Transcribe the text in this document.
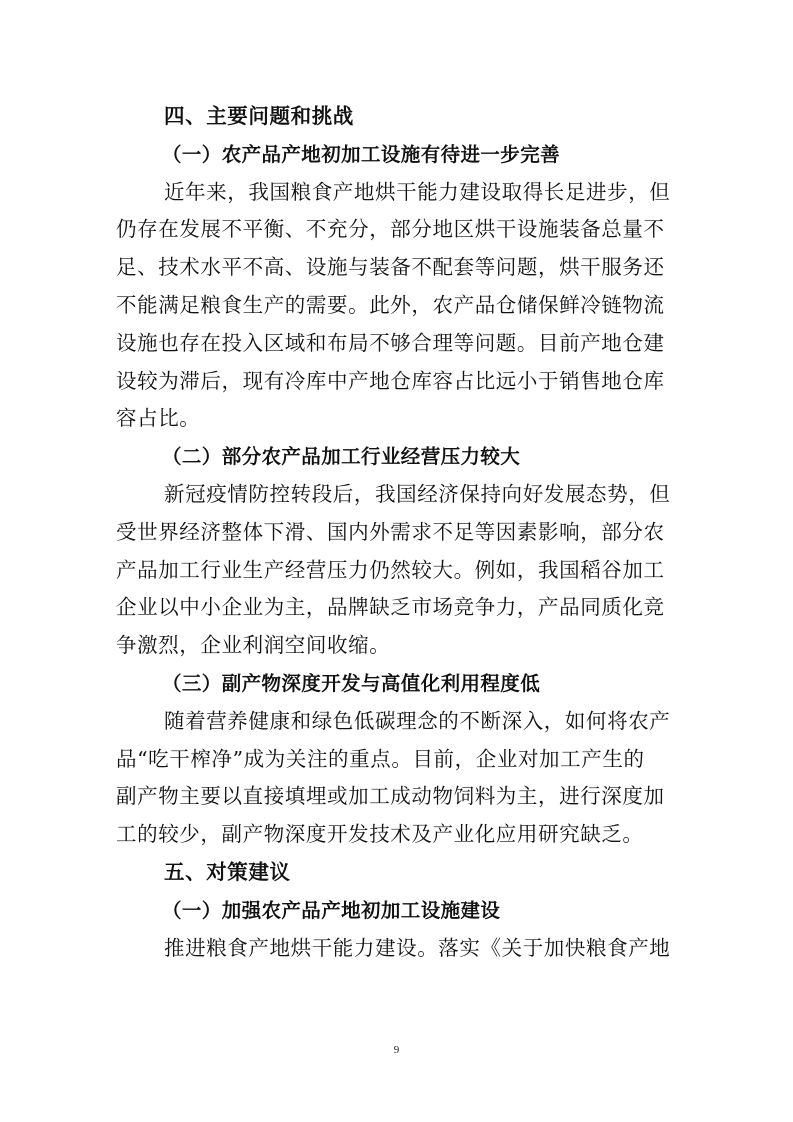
四、主要问题和挑战
（一）农产品产地初加工设施有待进一步完善
近年来，我国粮食产地烘干能力建设取得长足进步，但
仍存在发展不平衡、不充分，部分地区烘干设施装备总量不
足、技术水平不高、设施与装备不配套等问题，烘干服务还
不能满足粮食生产的需要。此外，农产品仓储保鲜冷链物流
设施也存在投入区域和布局不够合理等问题。目前产地仓建
设较为滞后，现有冷库中产地仓库容占比远小于销售地仓库
容占比。
（二）部分农产品加工行业经营压力较大
新冠疫情防控转段后，我国经济保持向好发展态势，但
受世界经济整体下滑、国内外需求不足等因素影响，部分农
产品加工行业生产经营压力仍然较大。例如，我国稻谷加工
企业以中小企业为主，品牌缺乏市场竞争力，产品同质化竞
争激烈，企业利润空间收缩。
（三）副产物深度开发与高值化利用程度低
随着营养健康和绿色低碳理念的不断深入，如何将农产
品“吃干榨净”成为关注的重点。目前，企业对加工产生的
副产物主要以直接填埋或加工成动物饲料为主，进行深度加
工的较少，副产物深度开发技术及产业化应用研究缺乏。
五、对策建议
（一）加强农产品产地初加工设施建设
推进粮食产地烘干能力建设。落实《关于加快粮食产地
9
